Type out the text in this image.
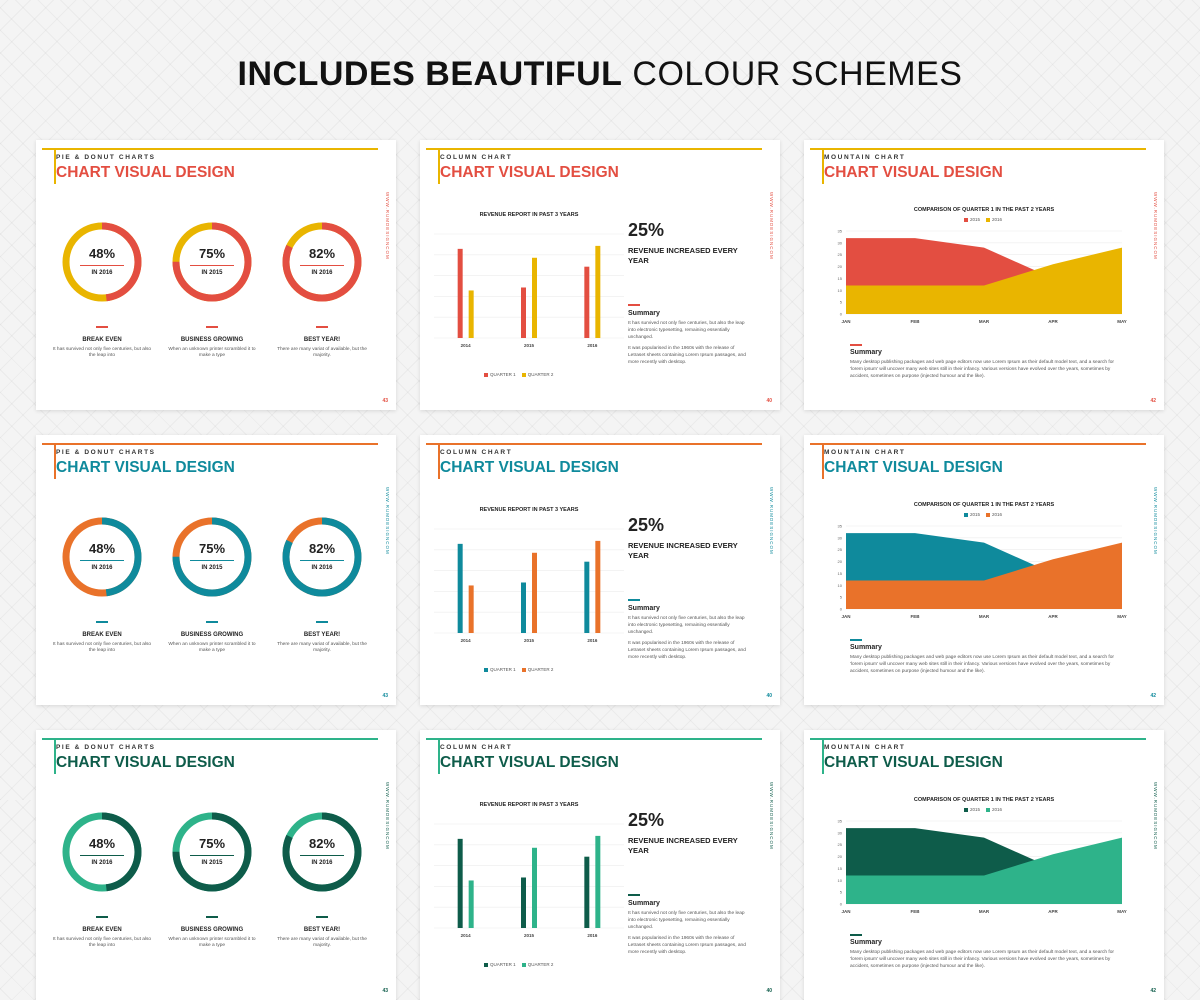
INCLUDES BEAUTIFUL COLOUR SCHEMES
PIE & DONUT CHARTS
CHART VISUAL DESIGN
WWW.RUMDESIGNCOM
43
48%
IN 2016
BREAK EVEN
It has survived not only five centuries, but also the leap into
75%
IN 2015
BUSINESS GROWING
When an unknown printer scrambled it to make a type
82%
IN 2016
BEST YEAR!
There are many variat of available, but the majority.
COLUMN CHART
CHART VISUAL DESIGN
WWW.RUMDESIGNCOM
40
REVENUE REPORT IN PAST 3 YEARS
2014	2015	2016
QUARTER 1	QUARTER 2
25%
REVENUE INCREASED EVERY YEAR
Summary
It has survived not only five centuries, but also the leap into electronic typesetting, remaining essentially unchanged.
It was popularised in the 1960s with the release of Letraset sheets containing Lorem Ipsum passages, and more recently with desktop.
MOUNTAIN CHART
CHART VISUAL DESIGN
WWW.RUMDESIGNCOM
42
COMPARISON OF QUARTER 1 IN THE PAST 2 YEARS
2015	2016
35
30
25
20
15
10
5
0
JAN	FEB	MAR	APR	MAY
Summary
Many desktop publishing packages and web page editors now use Lorem Ipsum as their default model text, and a search for 'lorem ipsum' will uncover many web sites still in their infancy. Various versions have evolved over the years, sometimes by accident, sometimes on purpose (injected humour and the like).
PIE & DONUT CHARTS
CHART VISUAL DESIGN
WWW.RUMDESIGNCOM
43
48%
IN 2016
BREAK EVEN
It has survived not only five centuries, but also the leap into
75%
IN 2015
BUSINESS GROWING
When an unknown printer scrambled it to make a type
82%
IN 2016
BEST YEAR!
There are many variat of available, but the majority.
COLUMN CHART
CHART VISUAL DESIGN
WWW.RUMDESIGNCOM
40
REVENUE REPORT IN PAST 3 YEARS
2014	2015	2016
QUARTER 1	QUARTER 2
25%
REVENUE INCREASED EVERY YEAR
Summary
It has survived not only five centuries, but also the leap into electronic typesetting, remaining essentially unchanged.
It was popularised in the 1960s with the release of Letraset sheets containing Lorem Ipsum passages, and more recently with desktop.
MOUNTAIN CHART
CHART VISUAL DESIGN
WWW.RUMDESIGNCOM
42
COMPARISON OF QUARTER 1 IN THE PAST 2 YEARS
2015	2016
35
30
25
20
15
10
5
0
JAN	FEB	MAR	APR	MAY
Summary
Many desktop publishing packages and web page editors now use Lorem Ipsum as their default model text, and a search for 'lorem ipsum' will uncover many web sites still in their infancy. Various versions have evolved over the years, sometimes by accident, sometimes on purpose (injected humour and the like).
PIE & DONUT CHARTS
CHART VISUAL DESIGN
WWW.RUMDESIGNCOM
43
48%
IN 2016
BREAK EVEN
It has survived not only five centuries, but also the leap into
75%
IN 2015
BUSINESS GROWING
When an unknown printer scrambled it to make a type
82%
IN 2016
BEST YEAR!
There are many variat of available, but the majority.
COLUMN CHART
CHART VISUAL DESIGN
WWW.RUMDESIGNCOM
40
REVENUE REPORT IN PAST 3 YEARS
2014	2015	2016
QUARTER 1	QUARTER 2
25%
REVENUE INCREASED EVERY YEAR
Summary
It has survived not only five centuries, but also the leap into electronic typesetting, remaining essentially unchanged.
It was popularised in the 1960s with the release of Letraset sheets containing Lorem Ipsum passages, and more recently with desktop.
MOUNTAIN CHART
CHART VISUAL DESIGN
WWW.RUMDESIGNCOM
42
COMPARISON OF QUARTER 1 IN THE PAST 2 YEARS
2015	2016
35
30
25
20
15
10
5
0
JAN	FEB	MAR	APR	MAY
Summary
Many desktop publishing packages and web page editors now use Lorem Ipsum as their default model text, and a search for 'lorem ipsum' will uncover many web sites still in their infancy. Various versions have evolved over the years, sometimes by accident, sometimes on purpose (injected humour and the like).
